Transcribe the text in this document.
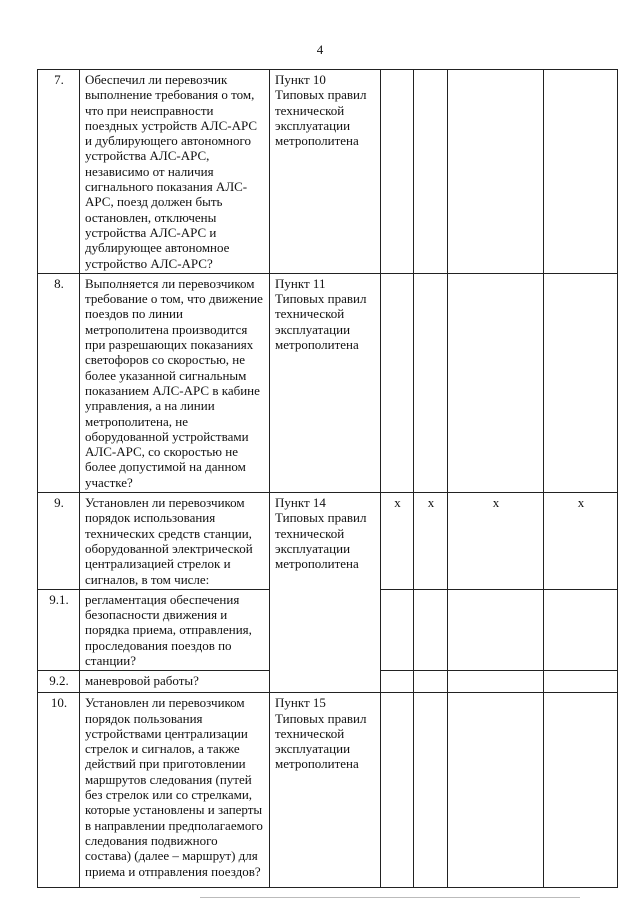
4
7.	Обеспечил ли перевозчик выполнение требования о том, что при неисправности поездных устройств АЛС-АРС и дублирующего автономного устройства АЛС-АРС, независимо от наличия сигнального показания АЛС-АРС, поезд должен быть остановлен, отключены устройства АЛС-АРС и дублирующее автономное устройство АЛС-АРС?	Пункт 10 Типовых правил технической эксплуатации метрополитена				
8.	Выполняется ли перевозчиком требование о том, что движение поездов по линии метрополитена производится при разрешающих показаниях светофоров со скоростью, не более указанной сигнальным показанием АЛС-АРС в кабине управления, а на линии метрополитена, не оборудованной устройствами АЛС-АРС, со скоростью не более допустимой на данном участке?	Пункт 11 Типовых правил технической эксплуатации метрополитена				
9.	Установлен ли перевозчиком порядок использования технических средств станции, оборудованной электрической централизацией стрелок и сигналов, в том числе:	Пункт 14 Типовых правил технической эксплуатации метрополитена	x	x	x	x
9.1.	регламентация обеспечения безопасности движения и порядка приема, отправления, проследования поездов по станции?					
9.2.	маневровой работы?					
10.	Установлен ли перевозчиком порядок пользования устройствами централизации стрелок и сигналов, а также действий при приготовлении маршрутов следования (путей без стрелок или со стрелками, которые установлены и заперты в направлении предполагаемого следования подвижного состава) (далее – маршрут) для приема и отправления поездов?	Пункт 15 Типовых правил технической эксплуатации метрополитена				
